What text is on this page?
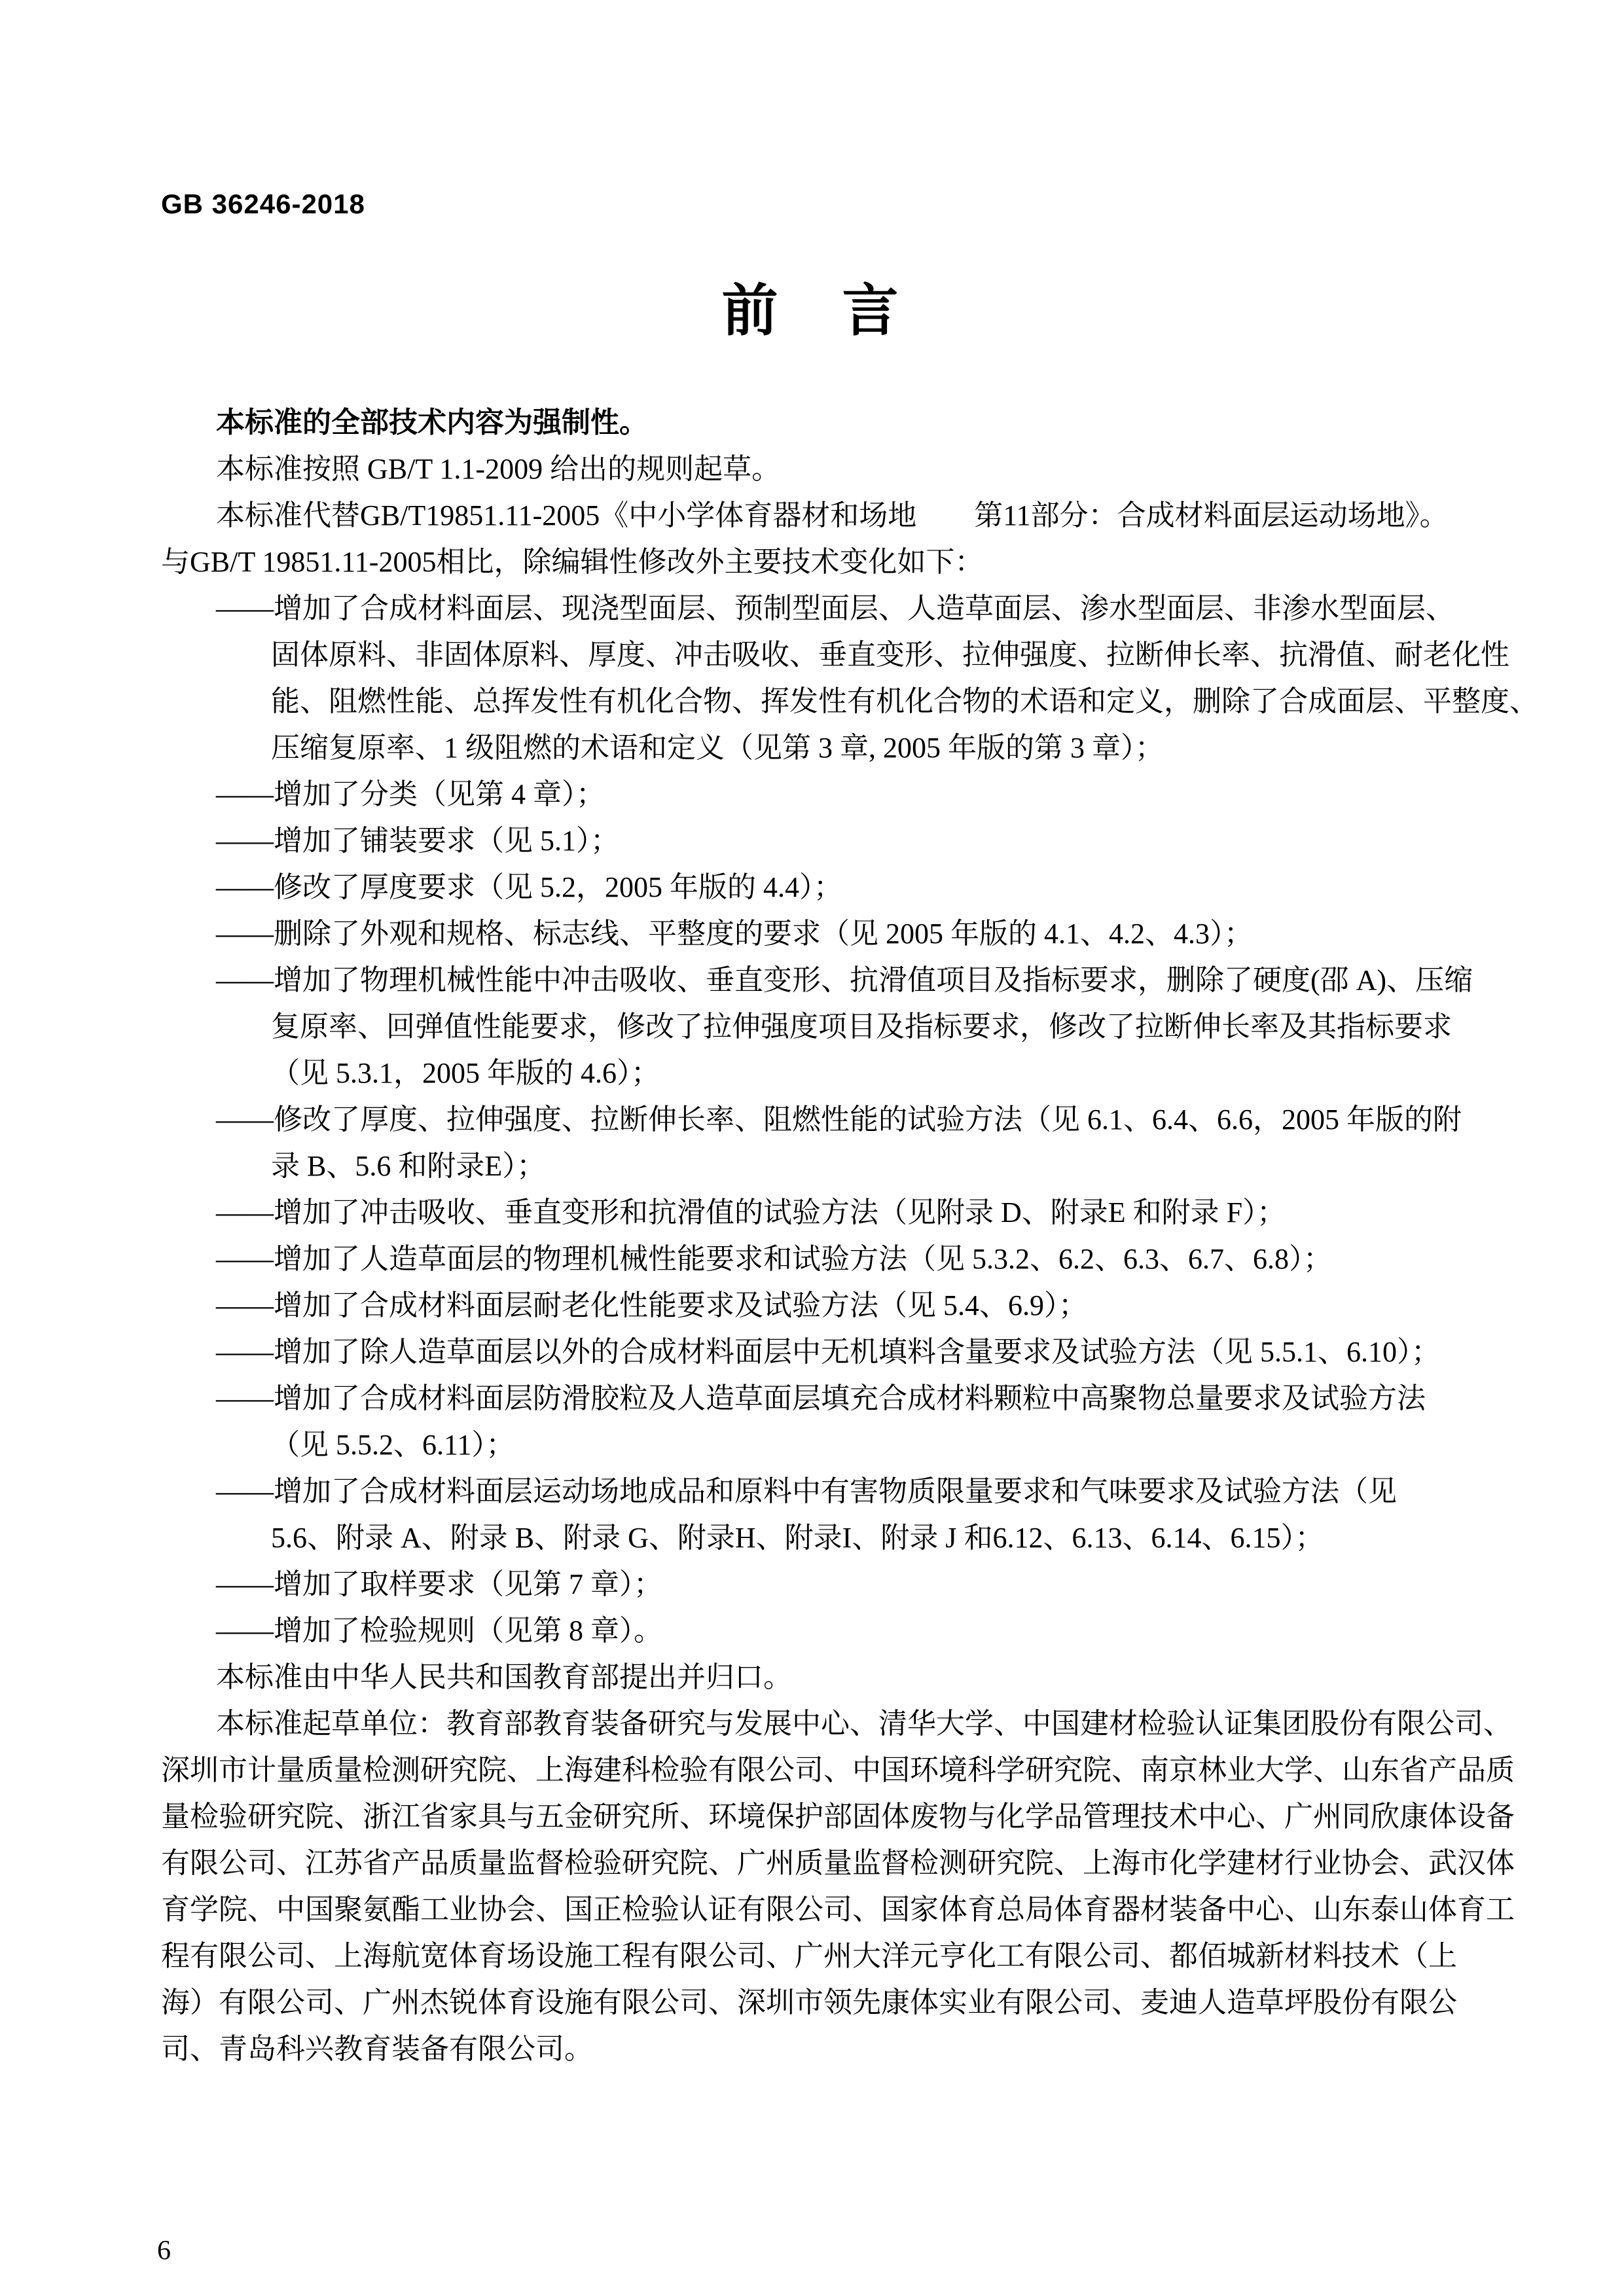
GB 36246-2018
前　言
本标准的全部技术内容为强制性。
本标准按照 GB/T 1.1-2009 给出的规则起草。
本标准代替GB/T19851.11-2005《中小学体育器材和场地　　第11部分：合成材料面层运动场地》。
与GB/T 19851.11-2005相比，除编辑性修改外主要技术变化如下：
——增加了合成材料面层、现浇型面层、预制型面层、人造草面层、渗水型面层、非渗水型面层、
固体原料、非固体原料、厚度、冲击吸收、垂直变形、拉伸强度、拉断伸长率、抗滑值、耐老化性
能、阻燃性能、总挥发性有机化合物、挥发性有机化合物的术语和定义，删除了合成面层、平整度、
压缩复原率、1 级阻燃的术语和定义（见第 3 章, 2005 年版的第 3 章）；
——增加了分类（见第 4 章）；
——增加了铺装要求（见 5.1）；
——修改了厚度要求（见 5.2，2005 年版的 4.4）；
——删除了外观和规格、标志线、平整度的要求（见 2005 年版的 4.1、4.2、4.3）；
——增加了物理机械性能中冲击吸收、垂直变形、抗滑值项目及指标要求，删除了硬度(邵 A)、压缩
复原率、回弹值性能要求，修改了拉伸强度项目及指标要求，修改了拉断伸长率及其指标要求
（见 5.3.1，2005 年版的 4.6）；
——修改了厚度、拉伸强度、拉断伸长率、阻燃性能的试验方法（见 6.1、6.4、6.6，2005 年版的附
录 B、5.6 和附录E）；
——增加了冲击吸收、垂直变形和抗滑值的试验方法（见附录 D、附录E 和附录 F）；
——增加了人造草面层的物理机械性能要求和试验方法（见 5.3.2、6.2、6.3、6.7、6.8）；
——增加了合成材料面层耐老化性能要求及试验方法（见 5.4、6.9）；
——增加了除人造草面层以外的合成材料面层中无机填料含量要求及试验方法（见 5.5.1、6.10）；
——增加了合成材料面层防滑胶粒及人造草面层填充合成材料颗粒中高聚物总量要求及试验方法
（见 5.5.2、6.11）；
——增加了合成材料面层运动场地成品和原料中有害物质限量要求和气味要求及试验方法（见
5.6、附录 A、附录 B、附录 G、附录H、附录I、附录 J 和6.12、6.13、6.14、6.15）；
——增加了取样要求（见第 7 章）；
——增加了检验规则（见第 8 章）。
本标准由中华人民共和国教育部提出并归口。
本标准起草单位：教育部教育装备研究与发展中心、清华大学、中国建材检验认证集团股份有限公司、
深圳市计量质量检测研究院、上海建科检验有限公司、中国环境科学研究院、南京林业大学、山东省产品质
量检验研究院、浙江省家具与五金研究所、环境保护部固体废物与化学品管理技术中心、广州同欣康体设备
有限公司、江苏省产品质量监督检验研究院、广州质量监督检测研究院、上海市化学建材行业协会、武汉体
育学院、中国聚氨酯工业协会、国正检验认证有限公司、国家体育总局体育器材装备中心、山东泰山体育工
程有限公司、上海航宽体育场设施工程有限公司、广州大洋元亨化工有限公司、都佰城新材料技术（上
海）有限公司、广州杰锐体育设施有限公司、深圳市领先康体实业有限公司、麦迪人造草坪股份有限公
司、青岛科兴教育装备有限公司。
6
